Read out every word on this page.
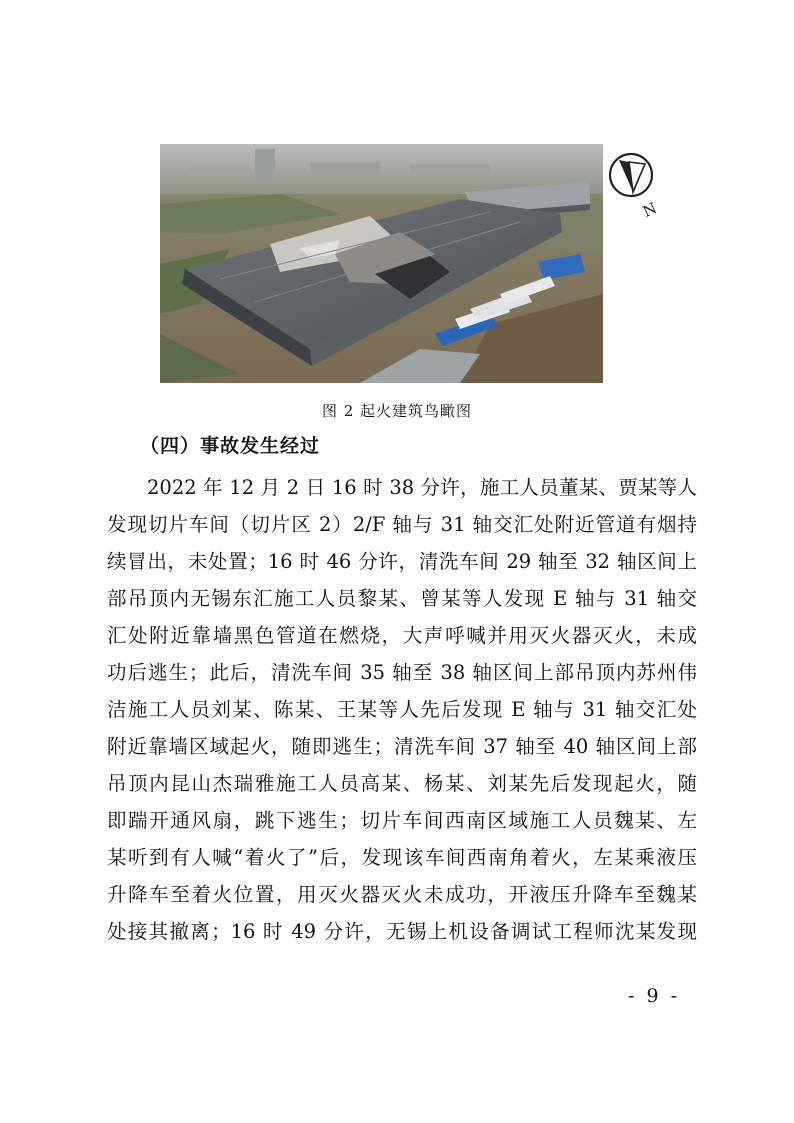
N
图 2 起火建筑鸟瞰图
（四）事故发生经过
2022 年 12 月 2 日 16 时 38 分许，施工人员董某、贾某等人
发现切片车间（切片区 2）2/F 轴与 31 轴交汇处附近管道有烟持
续冒出，未处置；16 时 46 分许，清洗车间 29 轴至 32 轴区间上
部吊顶内无锡东汇施工人员黎某、曾某等人发现 E 轴与 31 轴交
汇处附近靠墙黑色管道在燃烧，大声呼喊并用灭火器灭火，未成
功后逃生；此后，清洗车间 35 轴至 38 轴区间上部吊顶内苏州伟
洁施工人员刘某、陈某、王某等人先后发现 E 轴与 31 轴交汇处
附近靠墙区域起火，随即逃生；清洗车间 37 轴至 40 轴区间上部
吊顶内昆山杰瑞雅施工人员高某、杨某、刘某先后发现起火，随
即踹开通风扇，跳下逃生；切片车间西南区域施工人员魏某、左
某听到有人喊“着火了”后，发现该车间西南角着火，左某乘液压
升降车至着火位置，用灭火器灭火未成功，开液压升降车至魏某
处接其撤离；16 时 49 分许，无锡上机设备调试工程师沈某发现
- 9 -
